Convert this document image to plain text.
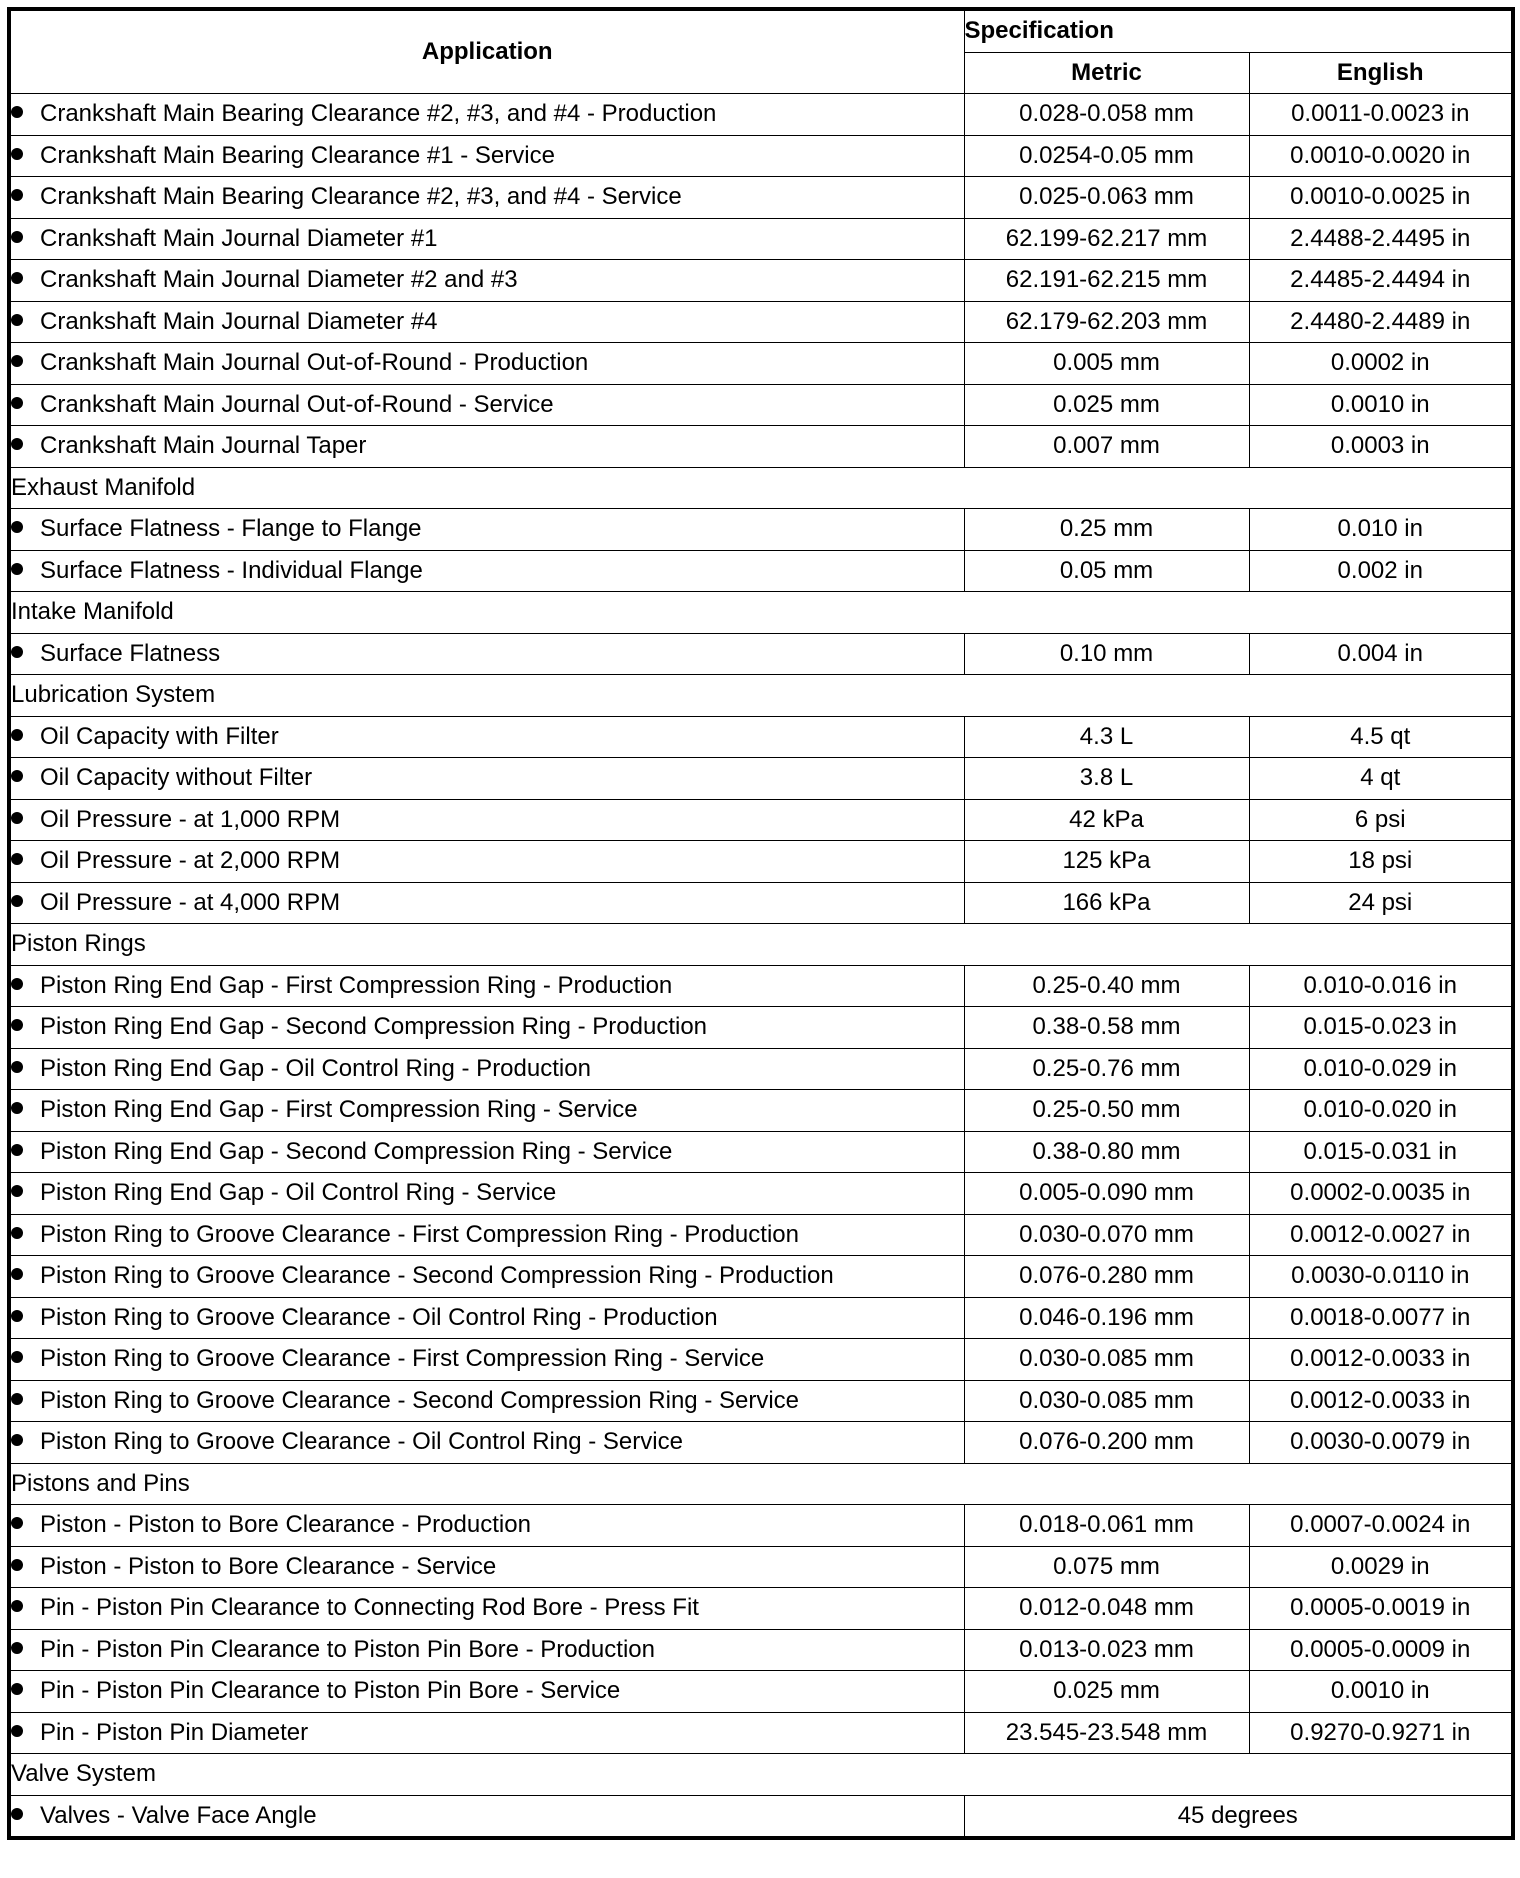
Application	Specification	
	Metric	English
Crankshaft Main Bearing Clearance #2, #3, and #4 - Production	0.028-0.058 mm	0.0011-0.0023 in
Crankshaft Main Bearing Clearance #1 - Service	0.0254-0.05 mm	0.0010-0.0020 in
Crankshaft Main Bearing Clearance #2, #3, and #4 - Service	0.025-0.063 mm	0.0010-0.0025 in
Crankshaft Main Journal Diameter #1	62.199-62.217 mm	2.4488-2.4495 in
Crankshaft Main Journal Diameter #2 and #3	62.191-62.215 mm	2.4485-2.4494 in
Crankshaft Main Journal Diameter #4	62.179-62.203 mm	2.4480-2.4489 in
Crankshaft Main Journal Out-of-Round - Production	0.005 mm	0.0002 in
Crankshaft Main Journal Out-of-Round - Service	0.025 mm	0.0010 in
Crankshaft Main Journal Taper	0.007 mm	0.0003 in
Exhaust Manifold		
Surface Flatness - Flange to Flange	0.25 mm	0.010 in
Surface Flatness - Individual Flange	0.05 mm	0.002 in
Intake Manifold		
Surface Flatness	0.10 mm	0.004 in
Lubrication System		
Oil Capacity with Filter	4.3 L	4.5 qt
Oil Capacity without Filter	3.8 L	4 qt
Oil Pressure - at 1,000 RPM	42 kPa	6 psi
Oil Pressure - at 2,000 RPM	125 kPa	18 psi
Oil Pressure - at 4,000 RPM	166 kPa	24 psi
Piston Rings		
Piston Ring End Gap - First Compression Ring - Production	0.25-0.40 mm	0.010-0.016 in
Piston Ring End Gap - Second Compression Ring - Production	0.38-0.58 mm	0.015-0.023 in
Piston Ring End Gap - Oil Control Ring - Production	0.25-0.76 mm	0.010-0.029 in
Piston Ring End Gap - First Compression Ring - Service	0.25-0.50 mm	0.010-0.020 in
Piston Ring End Gap - Second Compression Ring - Service	0.38-0.80 mm	0.015-0.031 in
Piston Ring End Gap - Oil Control Ring - Service	0.005-0.090 mm	0.0002-0.0035 in
Piston Ring to Groove Clearance - First Compression Ring - Production	0.030-0.070 mm	0.0012-0.0027 in
Piston Ring to Groove Clearance - Second Compression Ring - Production	0.076-0.280 mm	0.0030-0.0110 in
Piston Ring to Groove Clearance - Oil Control Ring - Production	0.046-0.196 mm	0.0018-0.0077 in
Piston Ring to Groove Clearance - First Compression Ring - Service	0.030-0.085 mm	0.0012-0.0033 in
Piston Ring to Groove Clearance - Second Compression Ring - Service	0.030-0.085 mm	0.0012-0.0033 in
Piston Ring to Groove Clearance - Oil Control Ring - Service	0.076-0.200 mm	0.0030-0.0079 in
Pistons and Pins		
Piston - Piston to Bore Clearance - Production	0.018-0.061 mm	0.0007-0.0024 in
Piston - Piston to Bore Clearance - Service	0.075 mm	0.0029 in
Pin - Piston Pin Clearance to Connecting Rod Bore - Press Fit	0.012-0.048 mm	0.0005-0.0019 in
Pin - Piston Pin Clearance to Piston Pin Bore - Production	0.013-0.023 mm	0.0005-0.0009 in
Pin - Piston Pin Clearance to Piston Pin Bore - Service	0.025 mm	0.0010 in
Pin - Piston Pin Diameter	23.545-23.548 mm	0.9270-0.9271 in
Valve System		
Valves - Valve Face Angle	45 degrees	
